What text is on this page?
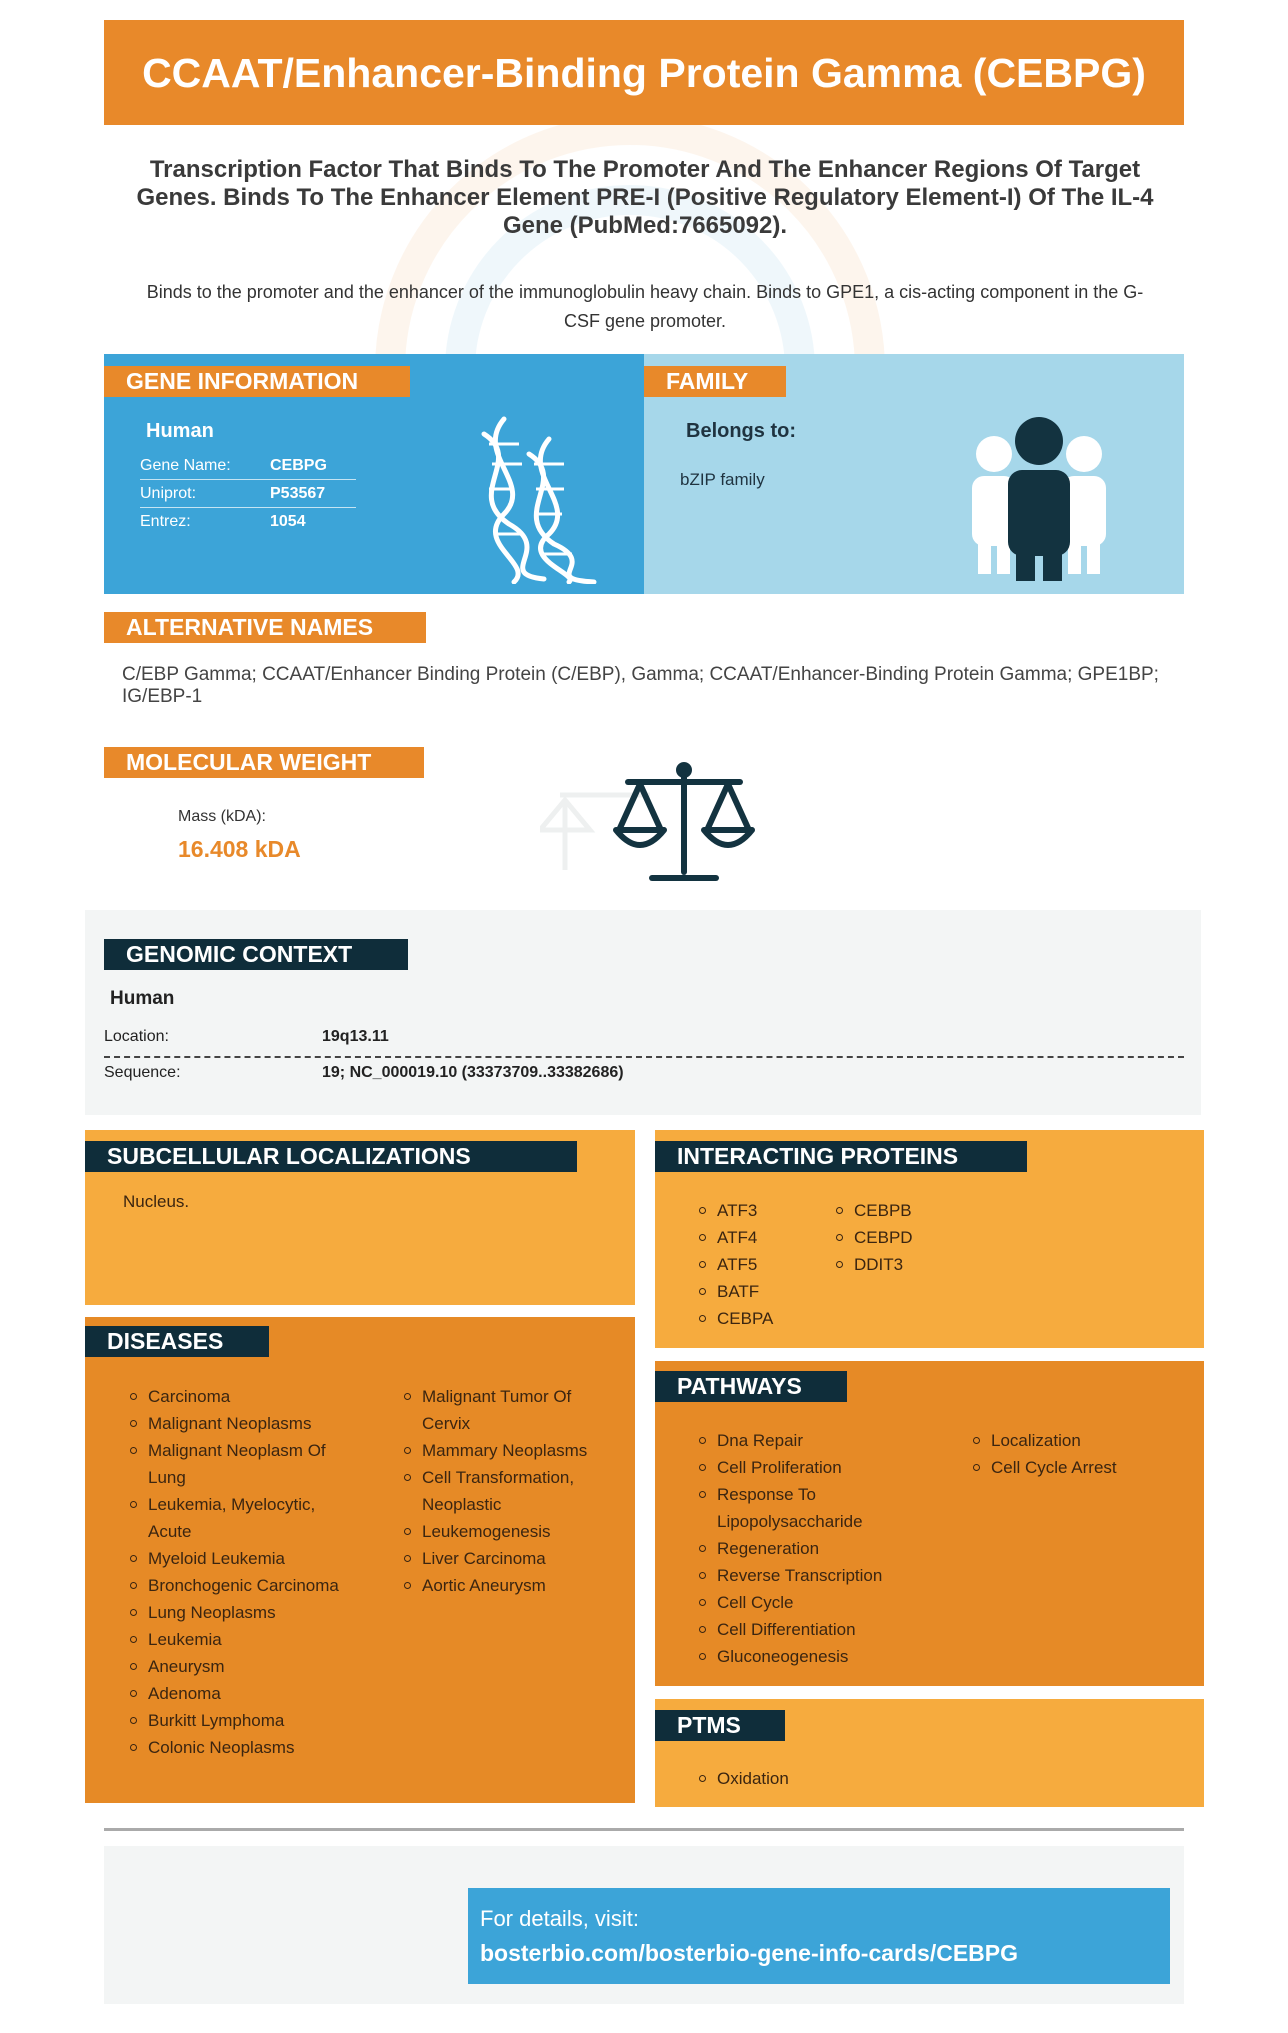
CCAAT/Enhancer-Binding Protein Gamma (CEBPG)
Transcription Factor That Binds To The Promoter And The Enhancer Regions Of Target Genes. Binds To The Enhancer Element PRE-I (Positive Regulatory Element-I) Of The IL-4 Gene (PubMed:7665092).
Binds to the promoter and the enhancer of the immunoglobulin heavy chain. Binds to GPE1, a cis-acting component in the G-CSF gene promoter.
GENE INFORMATION
Human
Gene Name:	CEBPG
Uniprot:	P53567
Entrez:	1054
FAMILY
Belongs to:
bZIP family
ALTERNATIVE NAMES
C/EBP Gamma; CCAAT/Enhancer Binding Protein (C/EBP), Gamma; CCAAT/Enhancer-Binding Protein Gamma; GPE1BP; IG/EBP-1
MOLECULAR WEIGHT
Mass (kDA):
16.408 kDA
GENOMIC CONTEXT
Human
Location:	19q13.11
Sequence:	19; NC_000019.10 (33373709..33382686)
SUBCELLULAR LOCALIZATIONS
Nucleus.
INTERACTING PROTEINS
ATF3
ATF4
ATF5
BATF
CEBPA
CEBPB
CEBPD
DDIT3
DISEASES
Carcinoma
Malignant Neoplasms
Malignant Neoplasm Of Lung
Leukemia, Myelocytic, Acute
Myeloid Leukemia
Bronchogenic Carcinoma
Lung Neoplasms
Leukemia
Aneurysm
Adenoma
Burkitt Lymphoma
Colonic Neoplasms
Malignant Tumor Of Cervix
Mammary Neoplasms
Cell Transformation, Neoplastic
Leukemogenesis
Liver Carcinoma
Aortic Aneurysm
PATHWAYS
Dna Repair
Cell Proliferation
Response To Lipopolysaccharide
Regeneration
Reverse Transcription
Cell Cycle
Cell Differentiation
Gluconeogenesis
Localization
Cell Cycle Arrest
PTMS
Oxidation
For details, visit:
bosterbio.com/bosterbio-gene-info-cards/CEBPG
